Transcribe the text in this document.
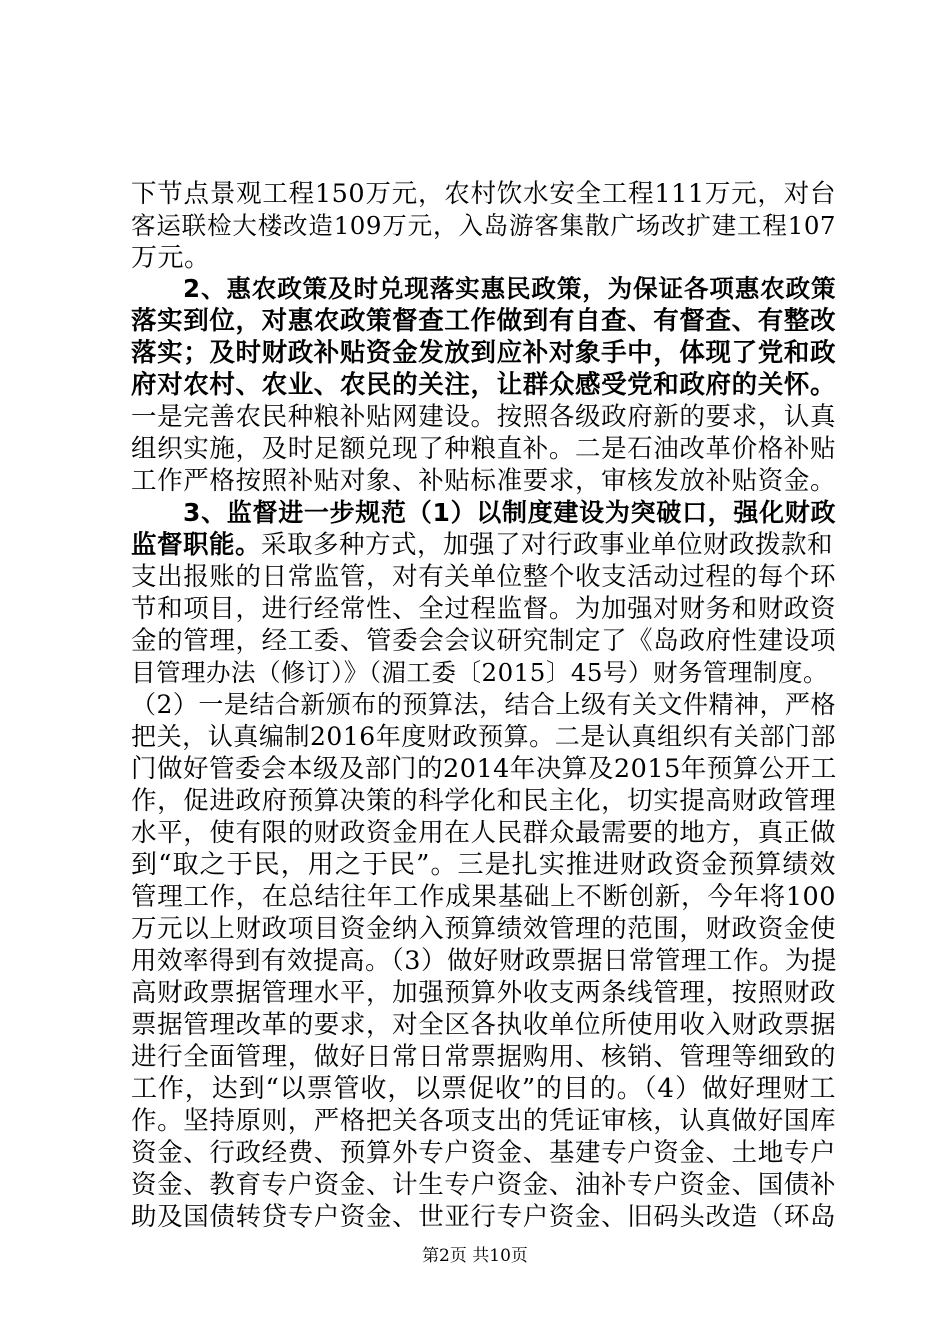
下节点景观工程150万元，农村饮水安全工程111万元，对台
客运联检大楼改造109万元，入岛游客集散广场改扩建工程107
万元。
2、惠农政策及时兑现落实惠民政策，为保证各项惠农政策
落实到位，对惠农政策督查工作做到有自查、有督查、有整改
落实；及时财政补贴资金发放到应补对象手中，体现了党和政
府对农村、农业、农民的关注，让群众感受党和政府的关怀。
一是完善农民种粮补贴网建设。按照各级政府新的要求，认真
组织实施，及时足额兑现了种粮直补。二是石油改革价格补贴
工作严格按照补贴对象、补贴标准要求，审核发放补贴资金。
3、监督进一步规范（1）以制度建设为突破口，强化财政
监督职能。采取多种方式，加强了对行政事业单位财政拨款和
支出报账的日常监管，对有关单位整个收支活动过程的每个环
节和项目，进行经常性、全过程监督。为加强对财务和财政资
金的管理，经工委、管委会会议研究制定了《岛政府性建设项
目管理办法（修订）》（湄工委〔2015〕45号）财务管理制度。
（2）一是结合新颁布的预算法，结合上级有关文件精神，严格
把关，认真编制2016年度财政预算。二是认真组织有关部门部
门做好管委会本级及部门的2014年决算及2015年预算公开工
作，促进政府预算决策的科学化和民主化，切实提高财政管理
水平，使有限的财政资金用在人民群众最需要的地方，真正做
到“取之于民，用之于民”。三是扎实推进财政资金预算绩效
管理工作，在总结往年工作成果基础上不断创新，今年将100
万元以上财政项目资金纳入预算绩效管理的范围，财政资金使
用效率得到有效提高。（3）做好财政票据日常管理工作。为提
高财政票据管理水平，加强预算外收支两条线管理，按照财政
票据管理改革的要求，对全区各执收单位所使用收入财政票据
进行全面管理，做好日常日常票据购用、核销、管理等细致的
工作，达到“以票管收，以票促收”的目的。（4）做好理财工
作。坚持原则，严格把关各项支出的凭证审核，认真做好国库
资金、行政经费、预算外专户资金、基建专户资金、土地专户
资金、教育专户资金、计生专户资金、油补专户资金、国债补
助及国债转贷专户资金、世亚行专户资金、旧码头改造（环岛
第2页 共10页
